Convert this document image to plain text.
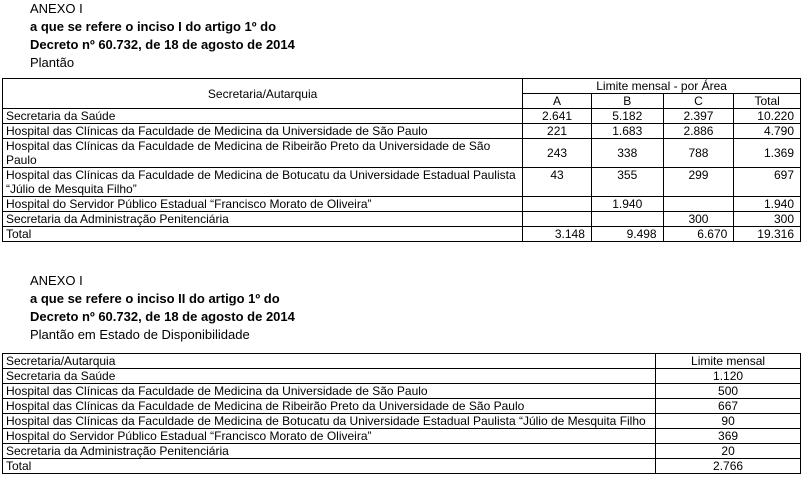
ANEXO I
a que se refere o inciso I do artigo 1º do
Decreto nº 60.732, de 18 de agosto de 2014
Plantão
Secretaria/Autarquia	Limite mensal - por Área			
	A	B	C	Total
Secretaria da Saúde	2.641	5.182	2.397	10.220
Hospital das Clínicas da Faculdade de Medicina da Universidade de São Paulo	221	1.683	2.886	4.790
Hospital das Clínicas da Faculdade de Medicina de Ribeirão Preto da Universidade de São Paulo	243	338	788	1.369
Hospital das Clínicas da Faculdade de Medicina de Botucatu da Universidade Estadual Paulista
“Júlio de Mesquita Filho”	43	355	299	697
Hospital do Servidor Público Estadual “Francisco Morato de Oliveira”		1.940		1.940
Secretaria da Administração Penitenciária			300	300
Total	3.148	9.498	6.670	19.316
ANEXO I
a que se refere o inciso II do artigo 1º do
Decreto nº 60.732, de 18 de agosto de 2014
Plantão em Estado de Disponibilidade
Secretaria/Autarquia	Limite mensal
Secretaria da Saúde	1.120
Hospital das Clínicas da Faculdade de Medicina da Universidade de São Paulo	500
Hospital das Clínicas da Faculdade de Medicina de Ribeirão Preto da Universidade de São Paulo	667
Hospital das Clínicas da Faculdade de Medicina de Botucatu da Universidade Estadual Paulista “Júlio de Mesquita Filho	90
Hospital do Servidor Público Estadual “Francisco Morato de Oliveira”	369
Secretaria da Administração Penitenciária	20
Total	2.766
